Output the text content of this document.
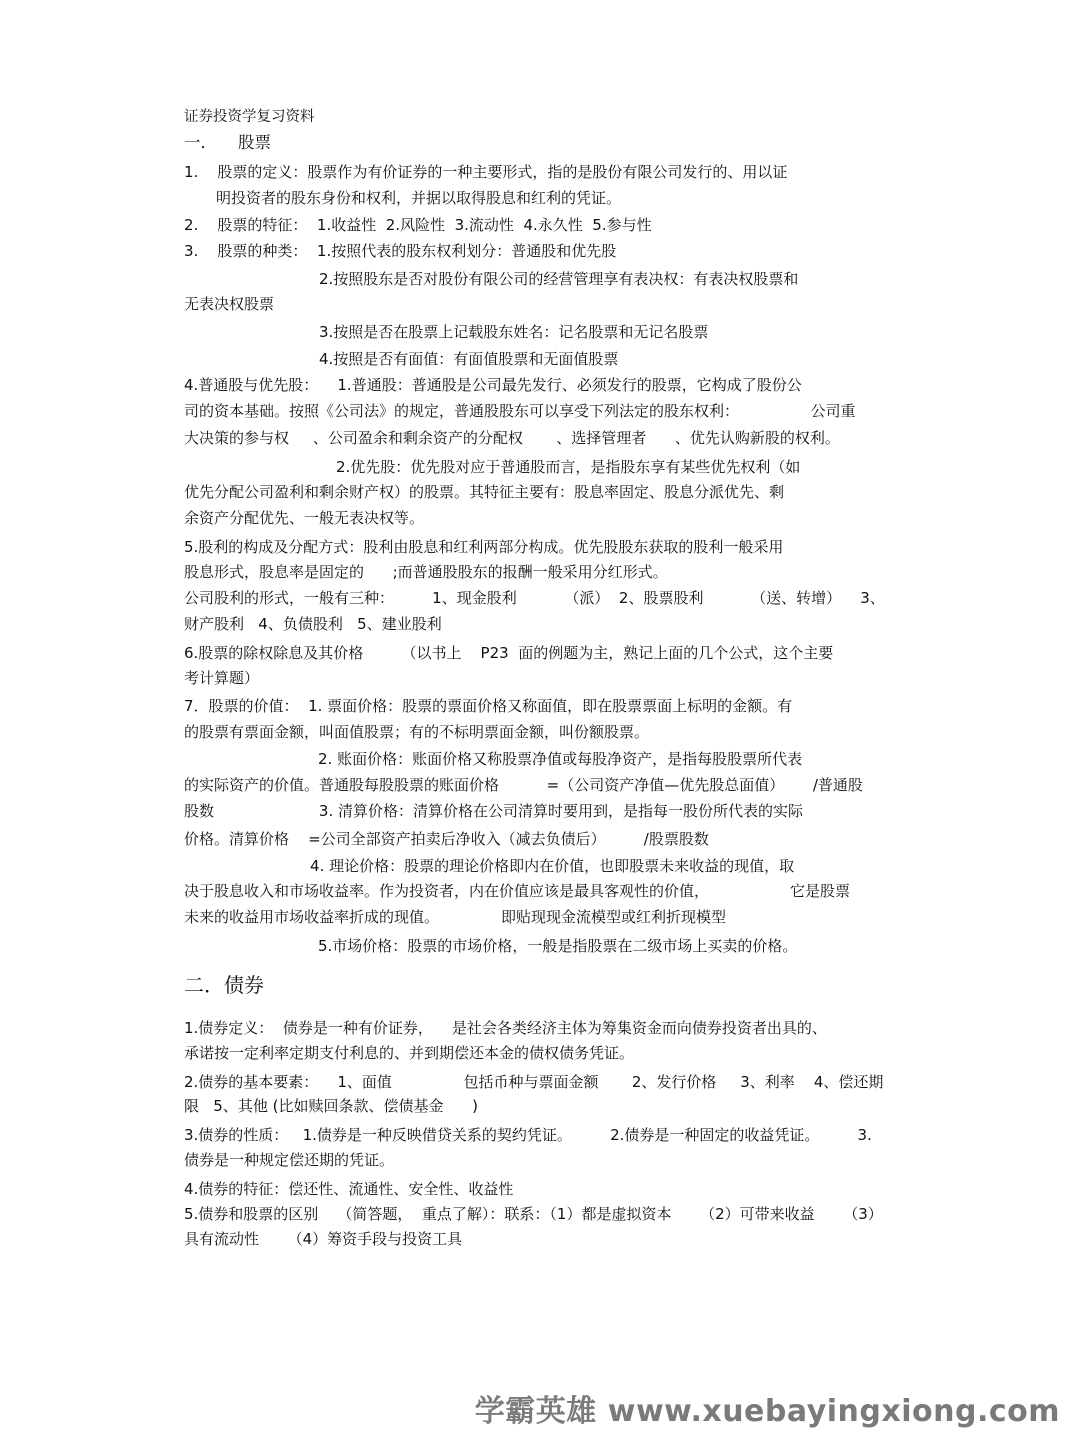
证券投资学复习资料
一．    股票
1.    股票的定义：股票作为有价证券的一种主要形式，指的是股份有限公司发行的、用以证
明投资者的股东身份和权利，并据以取得股息和红利的凭证。
2.    股票的特征：  1.收益性  2.风险性  3.流动性  4.永久性  5.参与性
3.    股票的种类：  1.按照代表的股东权利划分：普通股和优先股
2.按照股东是否对股份有限公司的经营管理享有表决权：有表决权股票和
无表决权股票
3.按照是否在股票上记载股东姓名：记名股票和无记名股票
4.按照是否有面值：有面值股票和无面值股票
4.普通股与优先股：    1.普通股：普通股是公司最先发行、必须发行的股票，它构成了股份公
司的资本基础。按照《公司法》的规定，普通股股东可以享受下列法定的股东权利：               公司重
大决策的参与权     、公司盈余和剩余资产的分配权       、选择管理者      、优先认购新股的权利。
2.优先股：优先股对应于普通股而言，是指股东享有某些优先权利（如
优先分配公司盈利和剩余财产权）的股票。其特征主要有：股息率固定、股息分派优先、剩
余资产分配优先、一般无表决权等。
5.股利的构成及分配方式：股利由股息和红利两部分构成。优先股股东获取的股利一般采用
股息形式，股息率是固定的      ;而普通股股东的报酬一般采用分红形式。
公司股利的形式，一般有三种：        1、现金股利          （派）  2、股票股利          （送、转增）    3、
财产股利   4、负债股利   5、建业股利
6.股票的除权除息及其价格        （以书上    P23  面的例题为主，熟记上面的几个公式，这个主要
考计算题）
7．股票的价值：  1. 票面价格：股票的票面价格又称面值，即在股票票面上标明的金额。有
的股票有票面金额，叫面值股票；有的不标明票面金额，叫份额股票。
2. 账面价格：账面价格又称股票净值或每股净资产，是指每股股票所代表
的实际资产的价值。普通股每股股票的账面价格          =（公司资产净值—优先股总面值）      /普通股
股数                      3. 清算价格：清算价格在公司清算时要用到，是指每一股份所代表的实际
价格。清算价格    =公司全部资产拍卖后净收入（减去负债后）        /股票股数
4. 理论价格：股票的理论价格即内在价值，也即股票未来收益的现值，取
决于股息收入和市场收益率。作为投资者，内在价值应该是最具客观性的价值，                 它是股票
未来的收益用市场收益率折成的现值。             即贴现现金流模型或红利折现模型
5.市场价格：股票的市场价格，一般是指股票在二级市场上买卖的价格。
二．债券
1.债券定义：  债券是一种有价证券，    是社会各类经济主体为筹集资金而向债券投资者出具的、
承诺按一定利率定期支付利息的、并到期偿还本金的债权债务凭证。
2.债券的基本要素：    1、面值               包括币种与票面金额       2、发行价格     3、利率    4、偿还期
限   5、其他 (比如赎回条款、偿债基金      )
3.债券的性质：   1.债券是一种反映借贷关系的契约凭证。        2.债券是一种固定的收益凭证。        3.
债券是一种规定偿还期的凭证。
4.债券的特征：偿还性、流通性、安全性、收益性
5.债券和股票的区别    （简答题，  重点了解）：联系：（1）都是虚拟资本      （2）可带来收益      （3）
具有流动性      （4）筹资手段与投资工具
学霸英雄 www.xuebayingxiong.com
